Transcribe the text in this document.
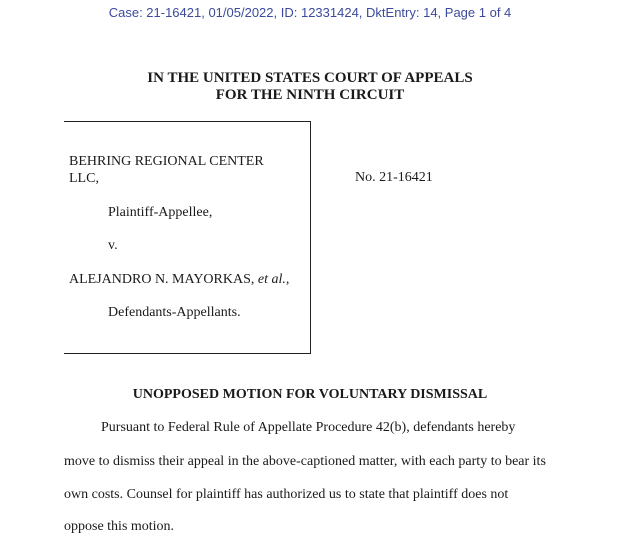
Case: 21-16421, 01/05/2022, ID: 12331424, DktEntry: 14, Page 1 of 4
IN THE UNITED STATES COURT OF APPEALS
FOR THE NINTH CIRCUIT
BEHRING REGIONAL CENTER
LLC,
Plaintiff-Appellee,
v.
ALEJANDRO N. MAYORKAS, et al.,
Defendants-Appellants.
No. 21-16421
UNOPPOSED MOTION FOR VOLUNTARY DISMISSAL
Pursuant to Federal Rule of Appellate Procedure 42(b), defendants hereby
move to dismiss their appeal in the above-captioned matter, with each party to bear its
own costs. Counsel for plaintiff has authorized us to state that plaintiff does not
oppose this motion.
